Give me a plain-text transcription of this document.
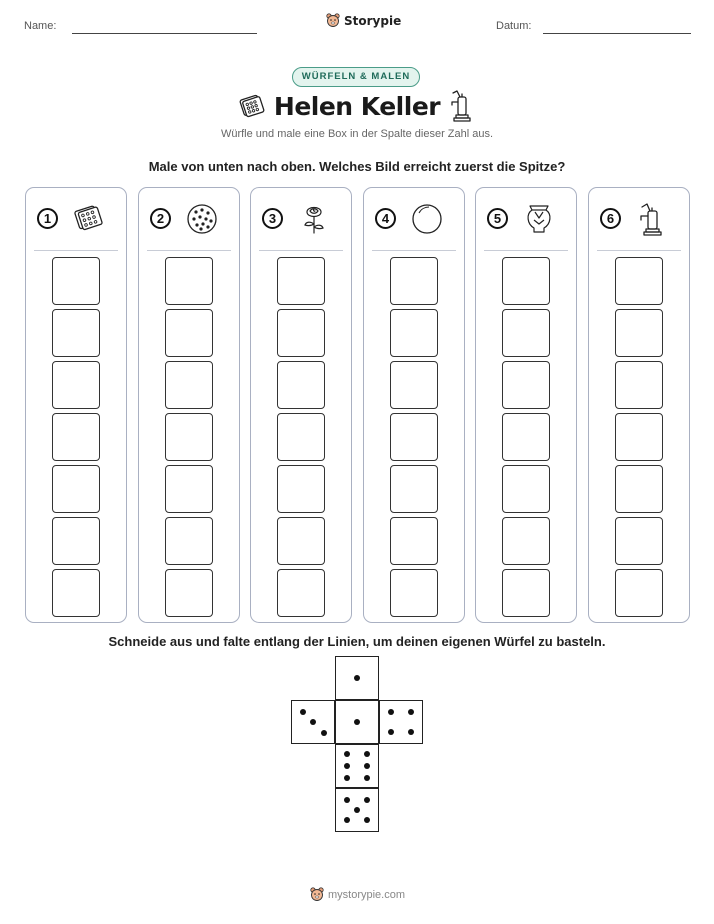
Name:	Storypie	Datum:
WÜRFELN & MALEN
Helen Keller
Würfle und male eine Box in der Spalte dieser Zahl aus.
Male von unten nach oben. Welches Bild erreicht zuerst die Spitze?
1	2	3	4	5	6
Schneide aus und falte entlang der Linien, um deinen eigenen Würfel zu basteln.
mystorypie.com
